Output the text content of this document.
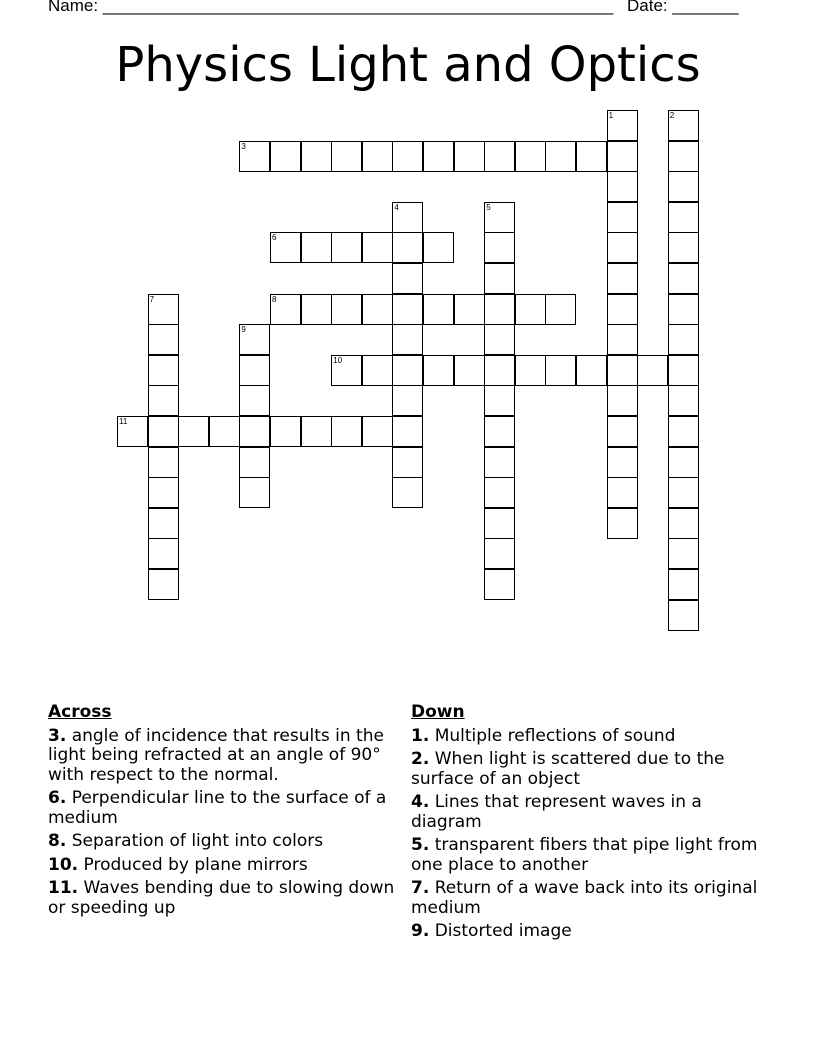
Name: ______________________________________________________ Date: _______
Physics Light and Optics
1	2
3
4	5
6
7	8
9
10
11
Across
3. angle of incidence that results in the light being refracted at an angle of 90° with respect to the normal.
6. Perpendicular line to the surface of a medium
8. Separation of light into colors
10. Produced by plane mirrors
11. Waves bending due to slowing down or speeding up
Down
1. Multiple reflections of sound
2. When light is scattered due to the surface of an object
4. Lines that represent waves in a diagram
5. transparent fibers that pipe light from one place to another
7. Return of a wave back into its original medium
9. Distorted image
